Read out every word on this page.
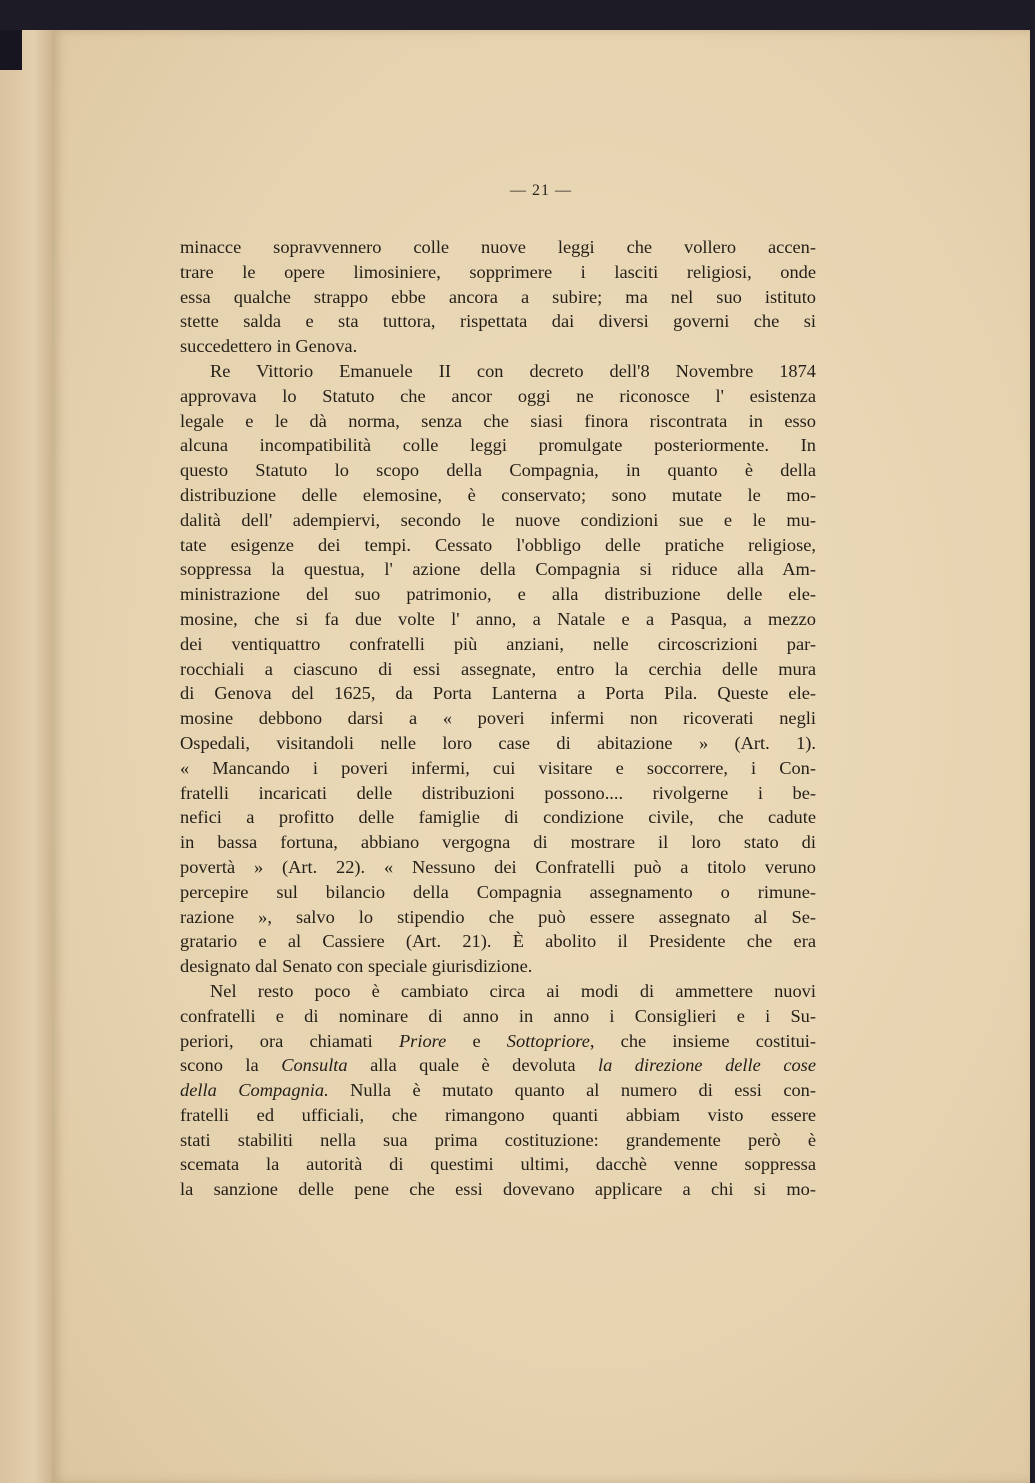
— 21 —

minacce sopravvennero colle nuove leggi che vollero accen-

trare le opere limosiniere, sopprimere i lasciti religiosi, onde

essa qualche strappo ebbe ancora a subire; ma nel suo istituto

stette salda e sta tuttora, rispettata dai diversi governi che si

succedettero in Genova.

Re Vittorio Emanuele II con decreto dell'8 Novembre 1874

approvava lo Statuto che ancor oggi ne riconosce l' esistenza

legale e le dà norma, senza che siasi finora riscontrata in esso

alcuna incompatibilità colle leggi promulgate posteriormente. In

questo Statuto lo scopo della Compagnia, in quanto è della

distribuzione delle elemosine, è conservato; sono mutate le mo-

dalità dell' adempiervi, secondo le nuove condizioni sue e le mu-

tate esigenze dei tempi. Cessato l'obbligo delle pratiche religiose,

soppressa la questua, l' azione della Compagnia si riduce alla Am-

ministrazione del suo patrimonio, e alla distribuzione delle ele-

mosine, che si fa due volte l' anno, a Natale e a Pasqua, a mezzo

dei ventiquattro confratelli più anziani, nelle circoscrizioni par-

rocchiali a ciascuno di essi assegnate, entro la cerchia delle mura

di Genova del 1625, da Porta Lanterna a Porta Pila. Queste ele-

mosine debbono darsi a « poveri infermi non ricoverati negli

Ospedali, visitandoli nelle loro case di abitazione » (Art. 1).

« Mancando i poveri infermi, cui visitare e soccorrere, i Con-

fratelli incaricati delle distribuzioni possono.... rivolgerne i be-

nefici a profitto delle famiglie di condizione civile, che cadute

in bassa fortuna, abbiano vergogna di mostrare il loro stato di

povertà » (Art. 22). « Nessuno dei Confratelli può a titolo veruno

percepire sul bilancio della Compagnia assegnamento o rimune-

razione », salvo lo stipendio che può essere assegnato al Se-

gratario e al Cassiere (Art. 21). È abolito il Presidente che era

designato dal Senato con speciale giurisdizione.

Nel resto poco è cambiato circa ai modi di ammettere nuovi

confratelli e di nominare di anno in anno i Consiglieri e i Su-

periori, ora chiamati Priore e Sottopriore, che insieme costitui-

scono la Consulta alla quale è devoluta la direzione delle cose

della Compagnia. Nulla è mutato quanto al numero di essi con-

fratelli ed ufficiali, che rimangono quanti abbiam visto essere

stati stabiliti nella sua prima costituzione: grandemente però è

scemata la autorità di questimi ultimi, dacchè venne soppressa

la sanzione delle pene che essi dovevano applicare a chi si mo-
